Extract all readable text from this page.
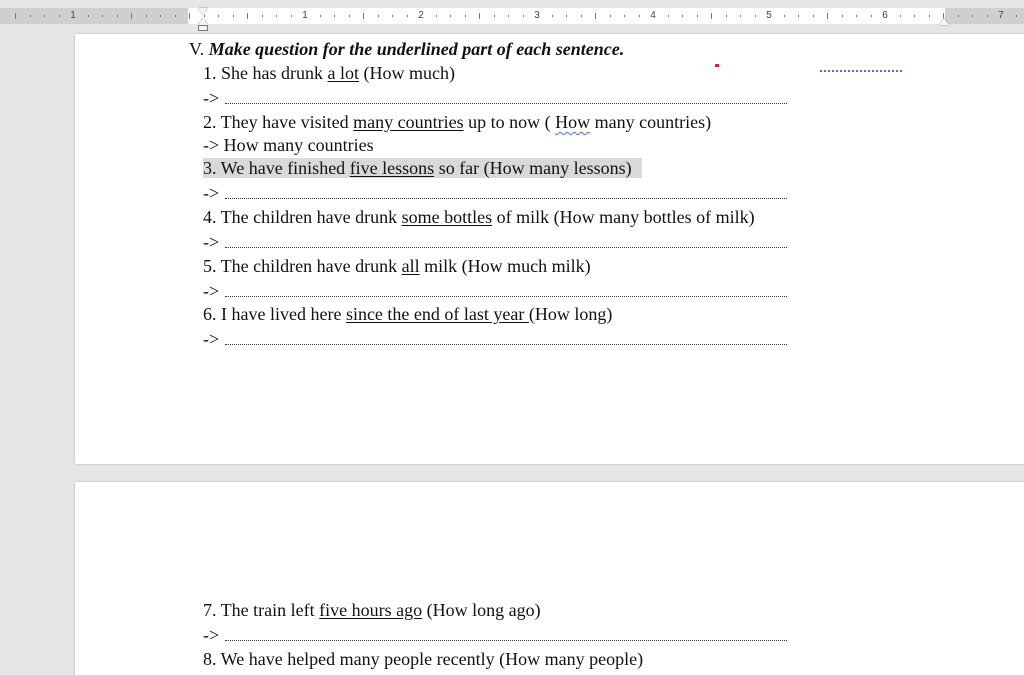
1	1	2	3	4	5	6	7
V. Make question for the underlined part of each sentence.
1. She has drunk a lot (How much)
->
2. They have visited many countries up to now ( How many countries)
-> How many countries
3. We have finished five lessons so far (How many lessons)
->
4. The children have drunk some bottles of milk (How many bottles of milk)
->
5. The children have drunk all milk (How much milk)
->
6. I have lived here since the end of last year (How long)
->
7. The train left five hours ago (How long ago)
->
8. We have helped many people recently (How many people)
